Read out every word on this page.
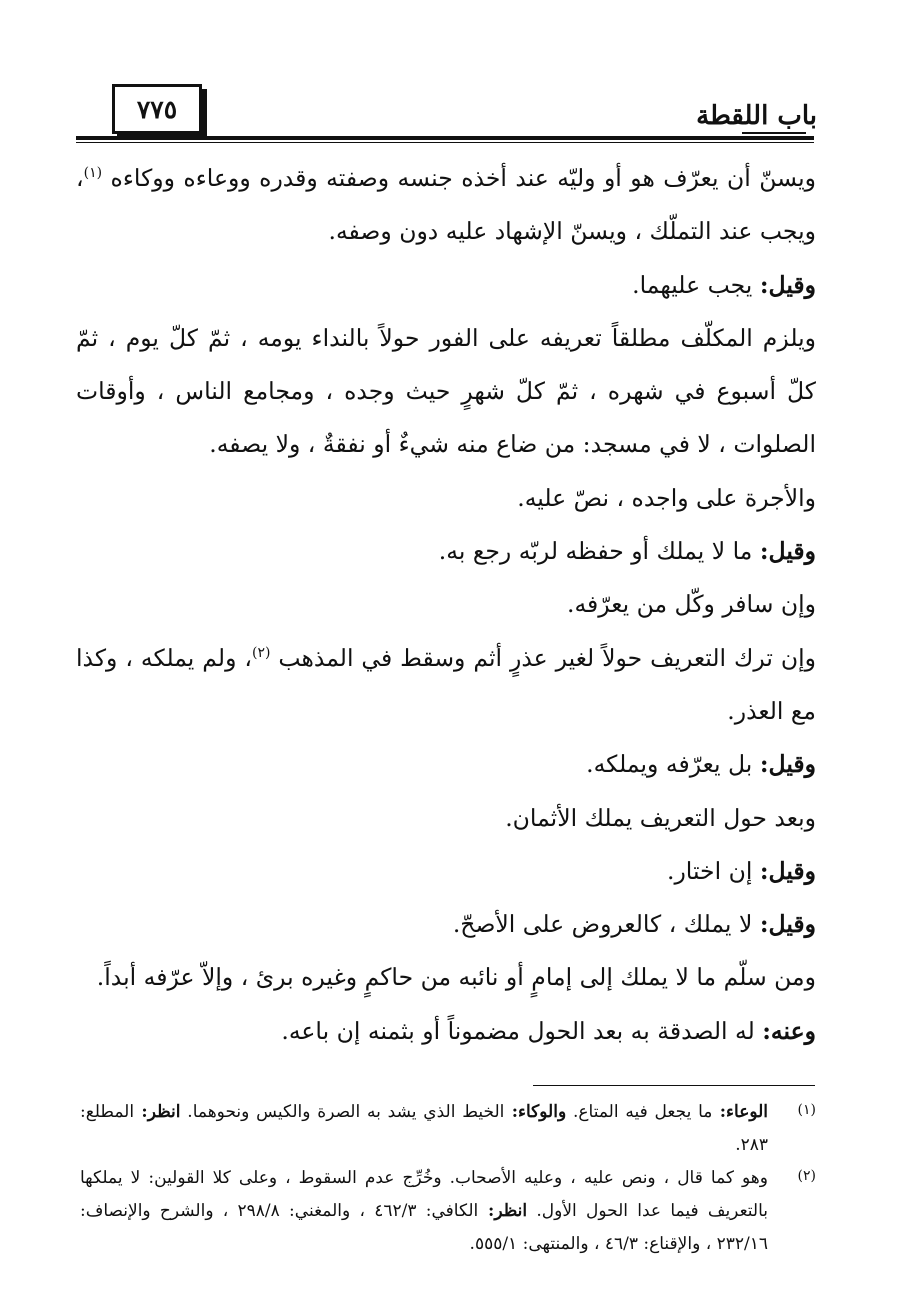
٧٧٥	باب اللقطة

ويسنّ أن يعرّف هو أو وليّه عند أخذه جنسه وصفته وقدره ووعاءه ووكاءه $^{(١)}$، ويجب عند التملّك ، ويسنّ الإشهاد عليه دون وصفه.

وقيل: يجب عليهما.

ويلزم المكلّف مطلقاً تعريفه على الفور حولاً بالنداء يومه ، ثمّ كلّ يوم ، ثمّ كلّ أسبوع في شهره ، ثمّ كلّ شهرٍ حيث وجده ، ومجامع الناس ، وأوقات الصلوات ، لا في مسجد: من ضاع منه شيءٌ أو نفقةٌ ، ولا يصفه.

والأجرة على واجده ، نصّ عليه.

وقيل: ما لا يملك أو حفظه لربّه رجع به.

وإن سافر وكّل من يعرّفه.

وإن ترك التعريف حولاً لغير عذرٍ أثم وسقط في المذهب $^{(٢)}$، ولم يملكه ، وكذا مع العذر.

وقيل: بل يعرّفه ويملكه.

وبعد حول التعريف يملك الأثمان.

وقيل: إن اختار.

وقيل: لا يملك ، كالعروض على الأصحّ.

ومن سلّم ما لا يملك إلى إمامٍ أو نائبه من حاكمٍ وغيره برئ ، وإلاّ عرّفه أبداً.

وعنه: له الصدقة به بعد الحول مضموناً أو بثمنه إن باعه.

(١)
الوعاء: ما يجعل فيه المتاع. والوكاء: الخيط الذي يشد به الصرة والكيس ونحوهما. انظر: المطلع: ٢٨٣.

(٢)
وهو كما قال ، ونص عليه ، وعليه الأصحاب. وخُرِّج عدم السقوط ، وعلى كلا القولين: لا يملكها بالتعريف فيما عدا الحول الأول. انظر: الكافي: ٤٦٢/٣ ، والمغني: ٢٩٨/٨ ، والشرح والإنصاف: ٢٣٢/١٦ ، والإقناع: ٤٦/٣ ، والمنتهى: ٥٥٥/١.
